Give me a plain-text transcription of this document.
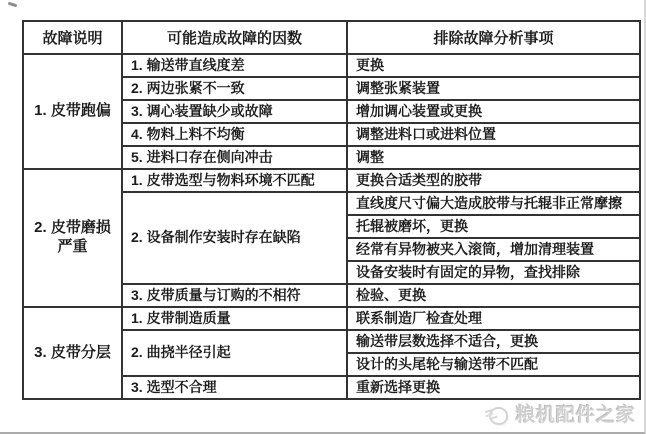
故障说明	可能造成故障的因数	排除故障分析事项
1. 皮带跑偏	1. 输送带直线度差	更换
	2. 两边张紧不一致	调整张紧装置
	3. 调心装置缺少或故障	增加调心装置或更换
	4. 物料上料不均衡	调整进料口或进料位置
	5. 进料口存在侧向冲击	调整
2. 皮带磨损严重	1. 皮带选型与物料环境不匹配	更换合适类型的胶带
	2. 设备制作安装时存在缺陷	直线度尺寸偏大造成胶带与托辊非正常摩擦
		托辊被磨坏，更换
		经常有异物被夹入滚筒，增加清理装置
		设备安装时有固定的异物，查找排除
	3. 皮带质量与订购的不相符	检验、更换
3. 皮带分层	1. 皮带制造质量	联系制造厂检查处理
	2. 曲挠半径引起	输送带层数选择不适合，更换
		设计的头尾轮与输送带不匹配
	3. 选型不合理	重新选择更换
粮机配件之家
